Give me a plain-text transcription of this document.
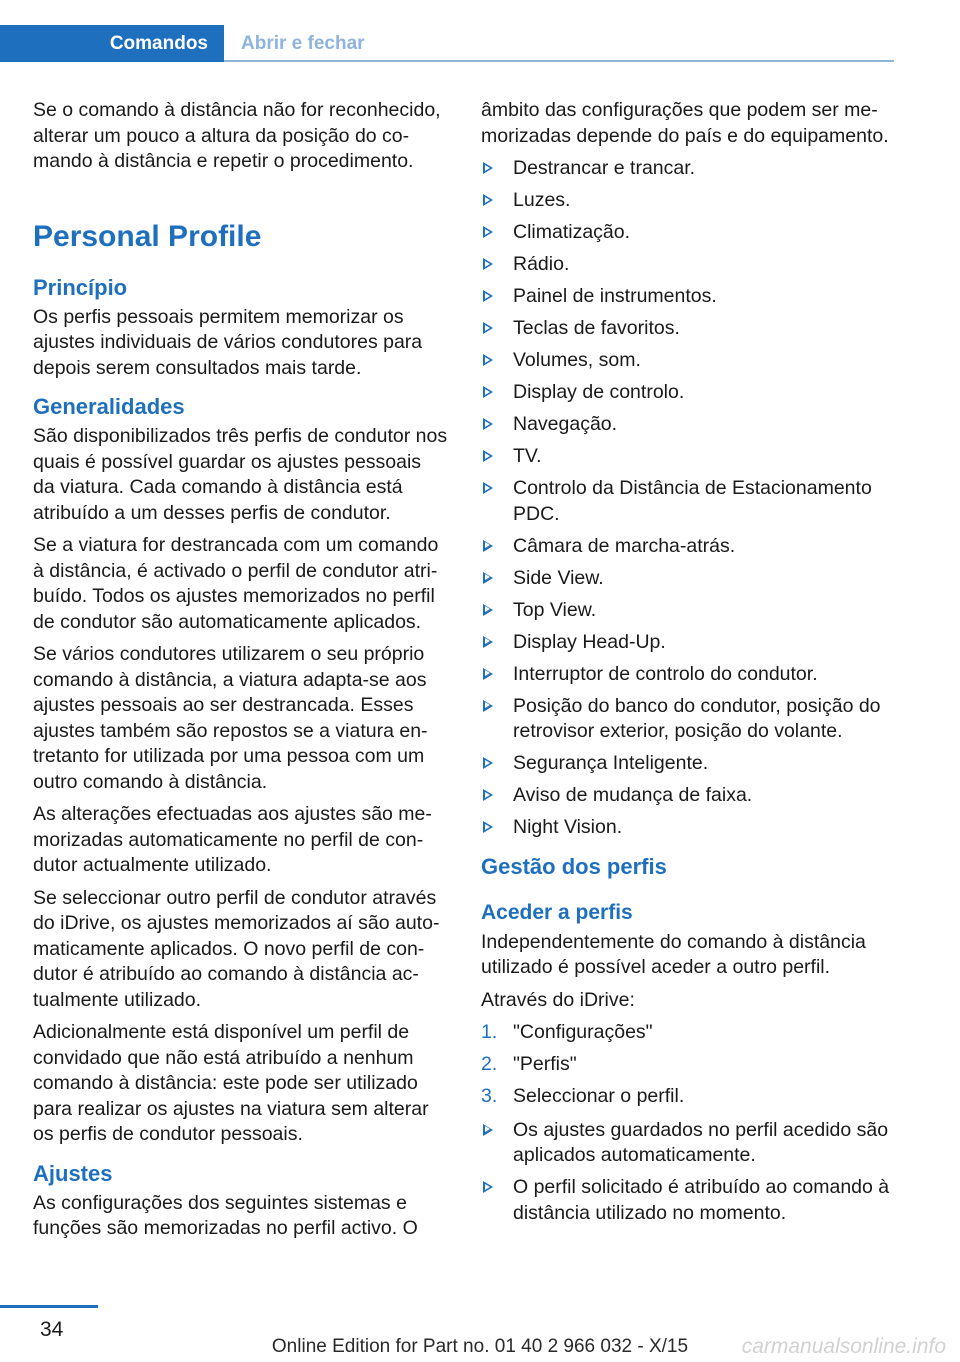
Comandos	Abrir e fechar

Se o comando à distância não for reconhecido, alterar um pouco a altura da posição do comando à distância e repetir o procedimento.

Personal Profile
Princípio

Os perfis pessoais permitem memorizar os ajustes individuais de vários condutores para depois serem consultados mais tarde.

Generalidades

São disponibilizados três perfis de condutor nos quais é possível guardar os ajustes pessoais da viatura. Cada comando à distância está atribuído a um desses perfis de condutor.

Se a viatura for destrancada com um comando à distância, é activado o perfil de condutor atribuído. Todos os ajustes memorizados no perfil de condutor são automaticamente aplicados.

Se vários condutores utilizarem o seu próprio comando à distância, a viatura adapta-se aos ajustes pessoais ao ser destrancada. Esses ajustes também são repostos se a viatura entretanto for utilizada por uma pessoa com um outro comando à distância.

As alterações efectuadas aos ajustes são memorizadas automaticamente no perfil de condutor actualmente utilizado.

Se seleccionar outro perfil de condutor através do iDrive, os ajustes memorizados aí são automaticamente aplicados. O novo perfil de condutor é atribuído ao comando à distância actualmente utilizado.

Adicionalmente está disponível um perfil de convidado que não está atribuído a nenhum comando à distância: este pode ser utilizado para realizar os ajustes na viatura sem alterar os perfis de condutor pessoais.

Ajustes

As configurações dos seguintes sistemas e funções são memorizadas no perfil activo. O

âmbito das configurações que podem ser memorizadas depende do país e do equipamento.

Destrancar e trancar.
Luzes.
Climatização.
Rádio.
Painel de instrumentos.
Teclas de favoritos.
Volumes, som.
Display de controlo.
Navegação.
TV.
Controlo da Distância de Estacionamento PDC.
Câmara de marcha-atrás.
Side View.
Top View.
Display Head-Up.
Interruptor de controlo do condutor.
Posição do banco do condutor, posição do retrovisor exterior, posição do volante.
Segurança Inteligente.
Aviso de mudança de faixa.
Night Vision.
Gestão dos perfis
Aceder a perfis

Independentemente do comando à distância utilizado é possível aceder a outro perfil.

Através do iDrive:

1. "Configurações"
2. "Perfis"
3. Seleccionar o perfil.
Os ajustes guardados no perfil acedido são aplicados automaticamente.
O perfil solicitado é atribuído ao comando à distância utilizado no momento.
34
Online Edition for Part no. 01 40 2 966 032 - X/15	carmanualsonline.info
